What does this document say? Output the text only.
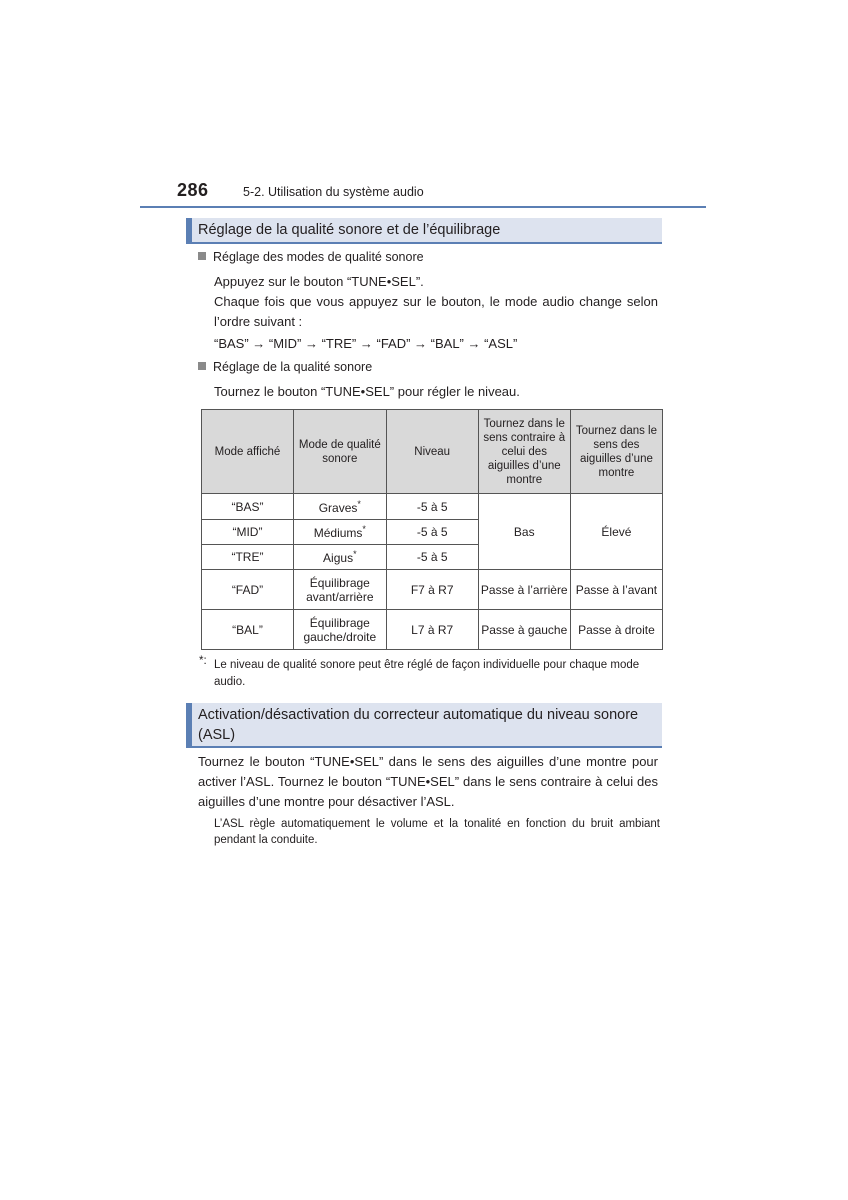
286	5-2. Utilisation du système audio
Réglage de la qualité sonore et de l’équilibrage
Réglage des modes de qualité sonore
Appuyez sur le bouton “TUNE•SEL”.
Chaque fois que vous appuyez sur le bouton, le mode audio change selon l’ordre suivant :
“BAS” → “MID” → “TRE” → “FAD” → “BAL” → “ASL”
Réglage de la qualité sonore
Tournez le bouton “TUNE•SEL” pour régler le niveau.
Mode affiché	Mode de qualité sonore	Niveau	Tournez dans le sens contraire à celui des aiguilles d’une montre	Tournez dans le sens des aiguilles d’une montre
“BAS”	Graves*	-5 à 5	Bas	Élevé
“MID”	Médiums*	-5 à 5		
“TRE”	Aigus*	-5 à 5		
“FAD”	Équilibrage avant/arrière	F7 à R7	Passe à l’arrière	Passe à l’avant
“BAL”	Équilibrage gauche/droite	L7 à R7	Passe à gauche	Passe à droite
*: Le niveau de qualité sonore peut être réglé de façon individuelle pour chaque mode audio.
Activation/désactivation du correcteur automatique du niveau sonore (ASL)
Tournez le bouton “TUNE•SEL” dans le sens des aiguilles d’une montre pour activer l’ASL. Tournez le bouton “TUNE•SEL” dans le sens contraire à celui des aiguilles d’une montre pour désactiver l’ASL.
L’ASL règle automatiquement le volume et la tonalité en fonction du bruit ambiant pendant la conduite.
